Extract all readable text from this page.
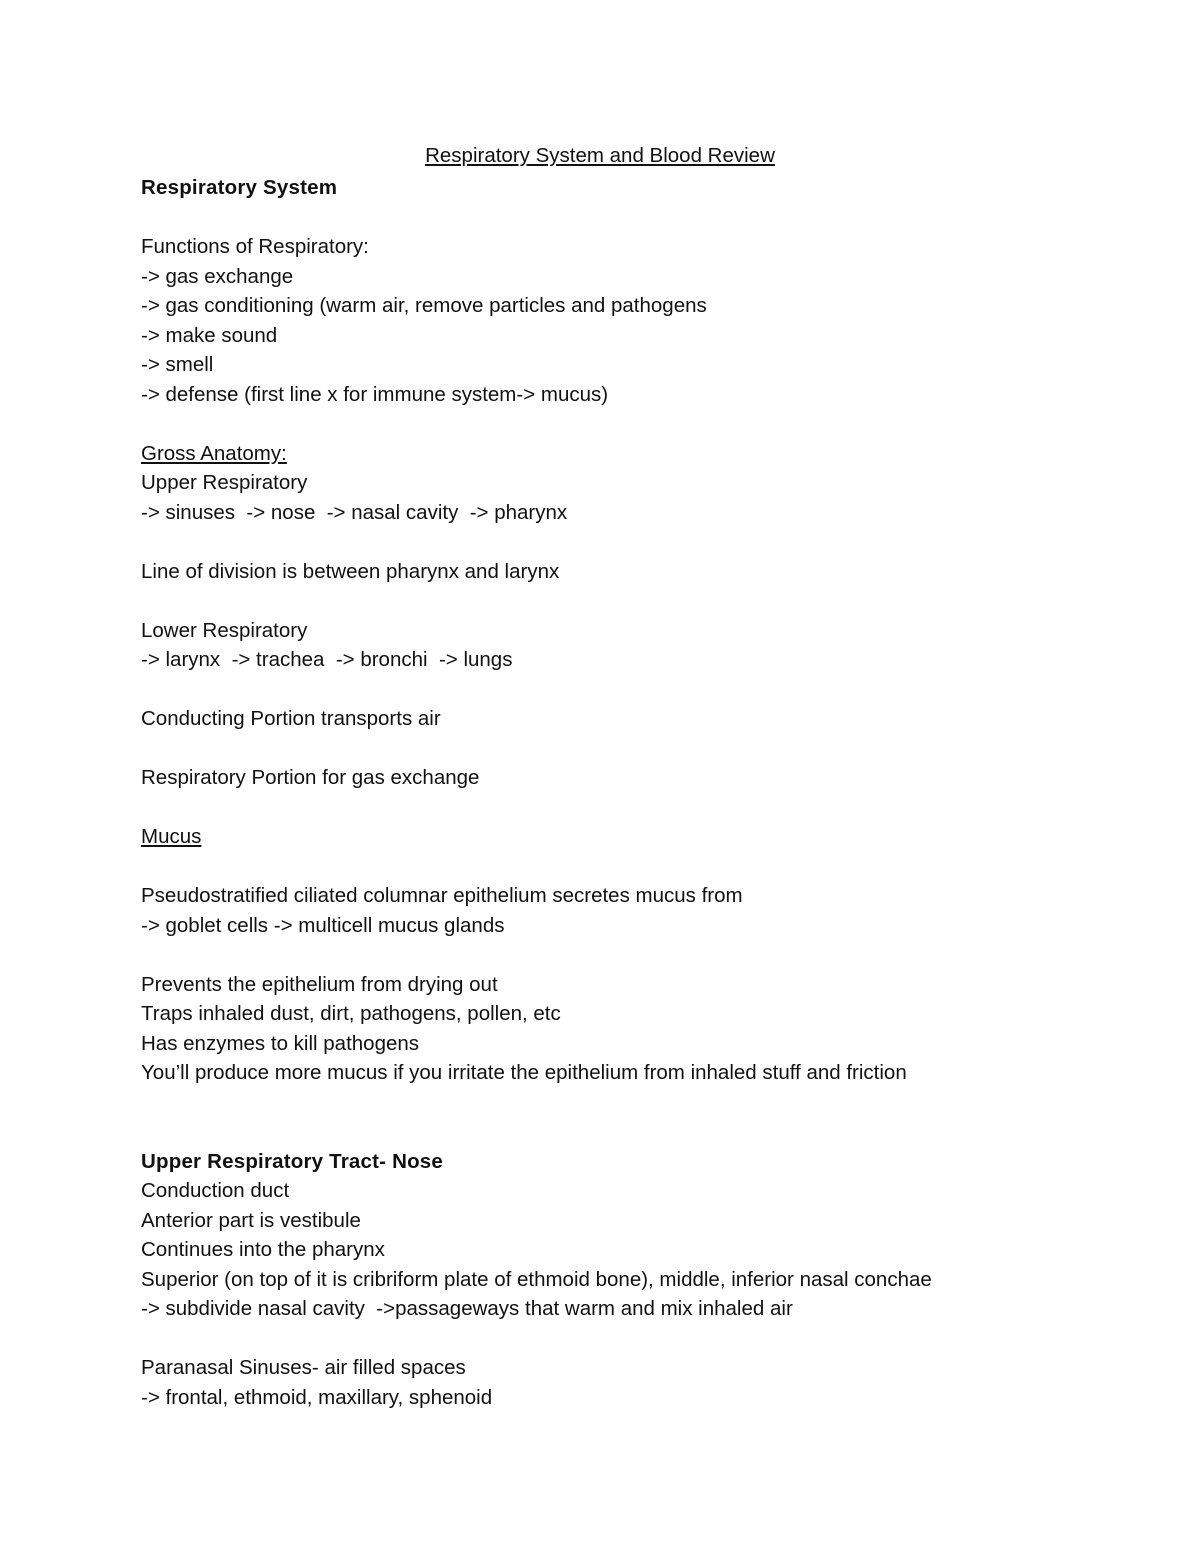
Respiratory System and Blood Review
Respiratory System
Functions of Respiratory:
-> gas exchange
-> gas conditioning (warm air, remove particles and pathogens
-> make sound
-> smell
-> defense (first line x for immune system-> mucus)
Gross Anatomy:
Upper Respiratory
-> sinuses  -> nose  -> nasal cavity  -> pharynx
Line of division is between pharynx and larynx
Lower Respiratory
-> larynx  -> trachea  -> bronchi  -> lungs
Conducting Portion transports air
Respiratory Portion for gas exchange
Mucus
Pseudostratified ciliated columnar epithelium secretes mucus from
-> goblet cells -> multicell mucus glands
Prevents the epithelium from drying out
Traps inhaled dust, dirt, pathogens, pollen, etc
Has enzymes to kill pathogens
You’ll produce more mucus if you irritate the epithelium from inhaled stuff and friction
Upper Respiratory Tract- Nose
Conduction duct
Anterior part is vestibule
Continues into the pharynx
Superior (on top of it is cribriform plate of ethmoid bone), middle, inferior nasal conchae
-> subdivide nasal cavity  ->passageways that warm and mix inhaled air
Paranasal Sinuses- air filled spaces
-> frontal, ethmoid, maxillary, sphenoid
